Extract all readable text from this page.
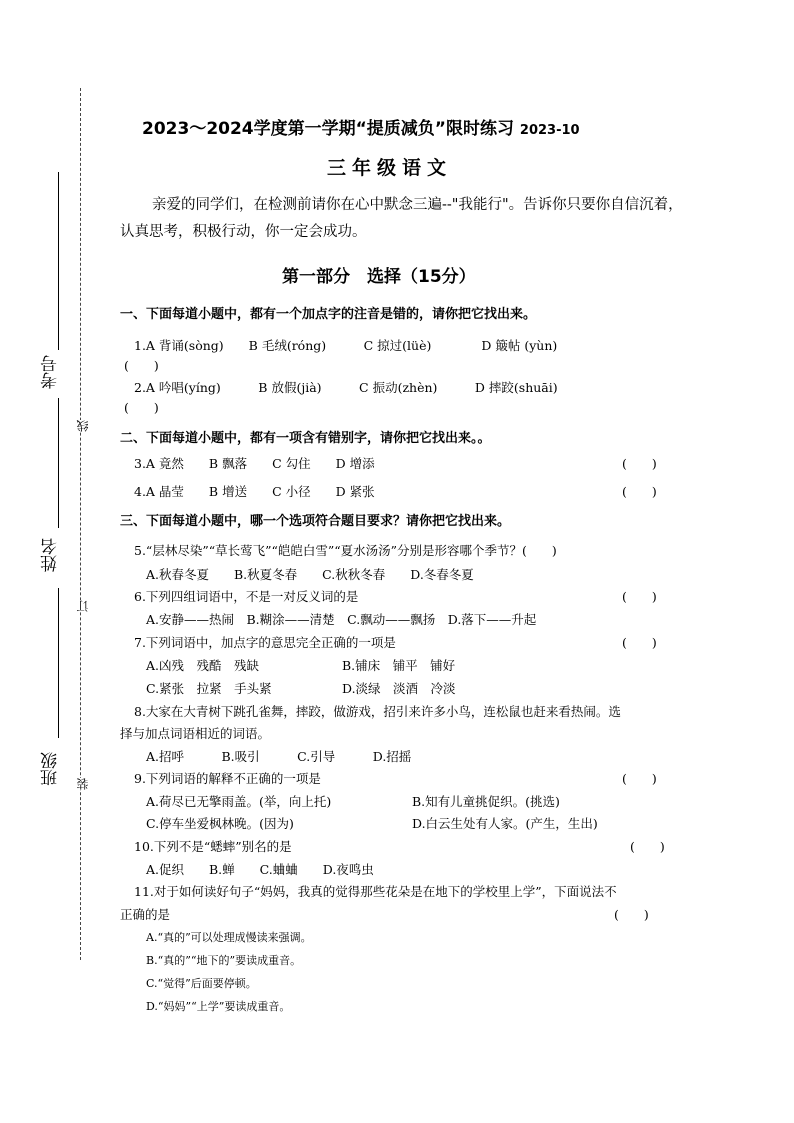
线
订
装
考号
姓名
班级
2023～2024学度第一学期“提质减负”限时练习 2023-10
三年级语文
亲爱的同学们，在检测前请你在心中默念三遍--"我能行"。告诉你只要你自信沉着，认真思考，积极行动，你一定会成功。
第一部分　选择（15分）
一、下面每道小题中，都有一个加点字的注音是错的，请你把它找出来。
1.A 背诵(sòng)　　B 毛绒(róng)　　　C 掠过(lüè)　　　　D 簸帖 (yùn)
(　　)
2.A 吟唱(yíng)　　　B 放假(jià)　　　C 振动(zhèn)　　　D 摔跤(shuāi)
(　　)
二、下面每道小题中，都有一项含有错别字，请你把它找出来。。
3.A 竟然　　B 飘落　　C 勾住　　D 增添	(　　)
4.A 晶莹　　B 增送　　C 小径　　D 紧张	(　　)
三、下面每道小题中，哪一个选项符合题目要求？请你把它找出来。
5.“层林尽染”“草长莺飞”“皑皑白雪”“夏水汤汤”分别是形容哪个季节？(　　)
A.秋春冬夏　　B.秋夏冬春　　C.秋秋冬春　　D.冬春冬夏
6.下列四组词语中，不是一对反义词的是	(　　)
A.安静——热闹　B.糊涂——清楚　C.飘动——飘扬　D.落下——升起
7.下列词语中，加点字的意思完全正确的一项是	(　　)
A.凶残　残酷　残缺	B.铺床　铺平　铺好
C.紧张　拉紧　手头紧	D.淡绿　淡酒　冷淡
8.大家在大青树下跳孔雀舞，摔跤，做游戏，招引来许多小鸟，连松鼠也赶来看热闹。选
择与加点词语相近的词语。
A.招呼　　　B.吸引　　　C.引导　　　D.招摇
9.下列词语的解释不正确的一项是	(　　)
A.荷尽已无擎雨盖。(举，向上托)	B.知有儿童挑促织。(挑选)
C.停车坐爱枫林晚。(因为)	D.白云生处有人家。(产生，生出)
10.下列不是“蟋蟀”别名的是	(　　)
A.促织　　B.蝉　　C.蛐蛐　　D.夜鸣虫
11.对于如何读好句子“妈妈，我真的觉得那些花朵是在地下的学校里上学”，下面说法不
正确的是	(　　)
A.“真的”可以处理成慢读来强调。
B.“真的”“地下的”要读成重音。
C.“觉得”后面要停顿。
D.“妈妈”“上学”要读成重音。
